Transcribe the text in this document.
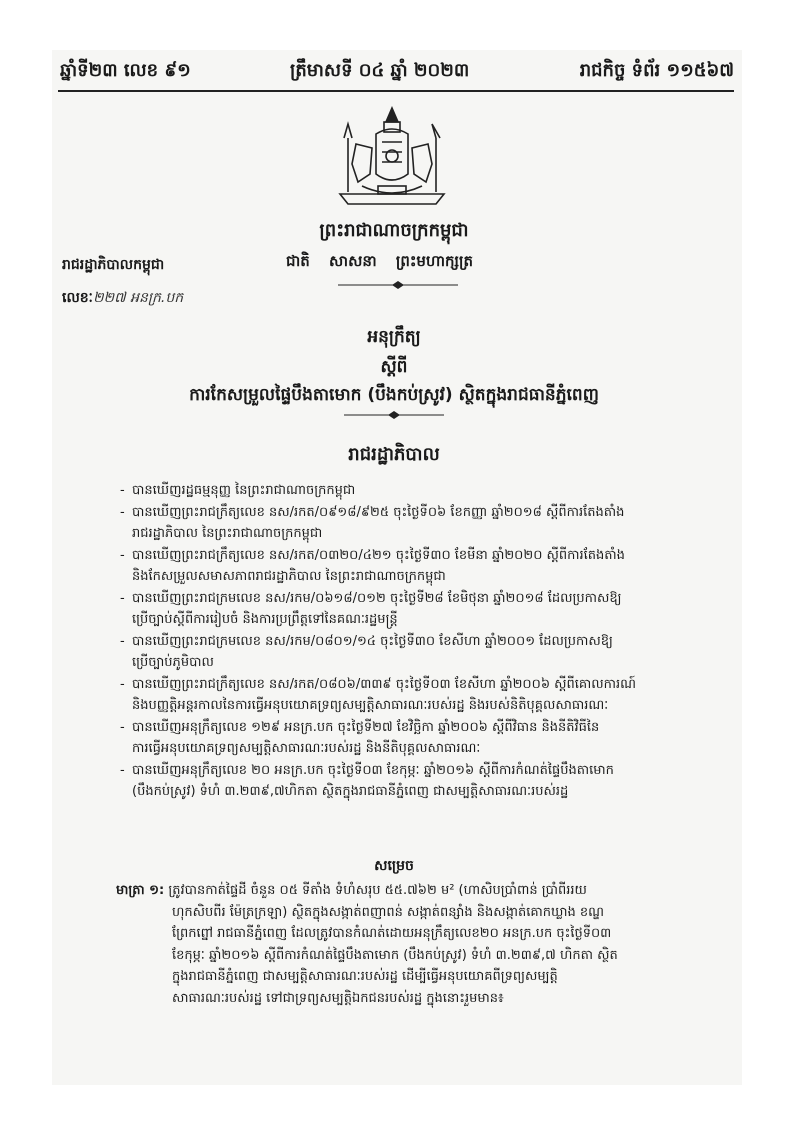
ឆ្នាំទី២៣ លេខ ៩១	ត្រឹមាសទី ០៤ ឆ្នាំ ២០២៣	រាជកិច្ច ទំព័រ ១១៥៦៧
ព្រះរាជាណាចក្រកម្ពុជា
រាជរដ្ឋាភិបាលកម្ពុជា	ជាតិ សាសនា ព្រះមហាក្សត្រ
លេខៈ២២៧ អនក្រ.បក
អនុក្រឹត្យ
ស្តីពី
ការកែសម្រួលផ្ទៃបឹងតាមោក (បឹងកប់ស្រូវ) ស្ថិតក្នុងរាជធានីភ្នំពេញ
រាជរដ្ឋាភិបាល
- បានឃើញរដ្ឋធម្មនុញ្ញ នៃព្រះរាជាណាចក្រកម្ពុជា
- បានឃើញព្រះរាជក្រឹត្យលេខ នស/រកត/០៩១៨/៩២៥ ចុះថ្ងៃទី០៦ ខែកញ្ញា ឆ្នាំ២០១៨ ស្តីពីការតែងតាំង
រាជរដ្ឋាភិបាល នៃព្រះរាជាណាចក្រកម្ពុជា
- បានឃើញព្រះរាជក្រឹត្យលេខ នស/រកត/០៣២០/៤២១ ចុះថ្ងៃទី៣០ ខែមីនា ឆ្នាំ២០២០ ស្តីពីការតែងតាំង
និងកែសម្រួលសមាសភាពរាជរដ្ឋាភិបាល នៃព្រះរាជាណាចក្រកម្ពុជា
- បានឃើញព្រះរាជក្រមលេខ នស/រកម/០៦១៨/០១២ ចុះថ្ងៃទី២៨ ខែមិថុនា ឆ្នាំ២០១៨ ដែលប្រកាសឱ្យ
ប្រើច្បាប់ស្តីពីការរៀបចំ និងការប្រព្រឹត្តទៅនៃគណៈរដ្ឋមន្ត្រី
- បានឃើញព្រះរាជក្រមលេខ នស/រកម/០៨០១/១៤ ចុះថ្ងៃទី៣០ ខែសីហា ឆ្នាំ២០០១ ដែលប្រកាសឱ្យ
ប្រើច្បាប់ភូមិបាល
- បានឃើញព្រះរាជក្រឹត្យលេខ នស/រកត/០៨០៦/៣៣៩ ចុះថ្ងៃទី០៣ ខែសីហា ឆ្នាំ២០០៦ ស្តីពីគោលការណ៍
និងបញ្ញត្តិអន្តរកាលនៃការធ្វើអនុបយោគទ្រព្យសម្បត្តិសាធារណៈរបស់រដ្ឋ និងរបស់និតិបុគ្គលសាធារណៈ
- បានឃើញអនុក្រឹត្យលេខ ១២៩ អនក្រ.បក ចុះថ្ងៃទី២៧ ខែវិច្ឆិកា ឆ្នាំ២០០៦ ស្តីពីវិធាន និងនីតិវិធីនៃ
ការធ្វើអនុបយោគទ្រព្យសម្បត្តិសាធារណៈរបស់រដ្ឋ និងនីតិបុគ្គលសាធារណៈ
- បានឃើញអនុក្រឹត្យលេខ ២០ អនក្រ.បក ចុះថ្ងៃទី០៣ ខែកុម្ភៈ ឆ្នាំ២០១៦ ស្តីពីការកំណត់ផ្ទៃបឹងតាមោក
(បឹងកប់ស្រូវ) ទំហំ ៣.២៣៩,៧ហិកតា ស្ថិតក្នុងរាជធានីភ្នំពេញ ជាសម្បត្តិសាធារណៈរបស់រដ្ឋ
សម្រេច
មាត្រា ១: ត្រូវបានកាត់ផ្ទៃដី ចំនួន ០៥ ទីតាំង ទំហំសរុប ៥៥.៧៦២ ម² (ហាសិបប្រាំពាន់ ប្រាំពីររយ
ហុកសិបពីរ ម៉ែត្រក្រឡា) ស្ថិតក្នុងសង្កាត់ពញាពន់ សង្កាត់ពន្សាំង និងសង្កាត់គោកឃ្លាង ខណ្ឌ
ព្រែកព្នៅ រាជធានីភ្នំពេញ ដែលត្រូវបានកំណត់ដោយអនុក្រឹត្យលេខ២០ អនក្រ.បក ចុះថ្ងៃទី០៣
ខែកុម្ភៈ ឆ្នាំ២០១៦ ស្តីពីការកំណត់ផ្ទៃបឹងតាមោក (បឹងកប់ស្រូវ) ទំហំ ៣.២៣៩,៧ ហិកតា ស្ថិត
ក្នុងរាជធានីភ្នំពេញ ជាសម្បត្តិសាធារណៈរបស់រដ្ឋ ដើម្បីធ្វើអនុបយោគពីទ្រព្យសម្បត្តិ
សាធារណៈរបស់រដ្ឋ ទៅជាទ្រព្យសម្បត្តិឯកជនរបស់រដ្ឋ ក្នុងនោះរួមមាន៖
